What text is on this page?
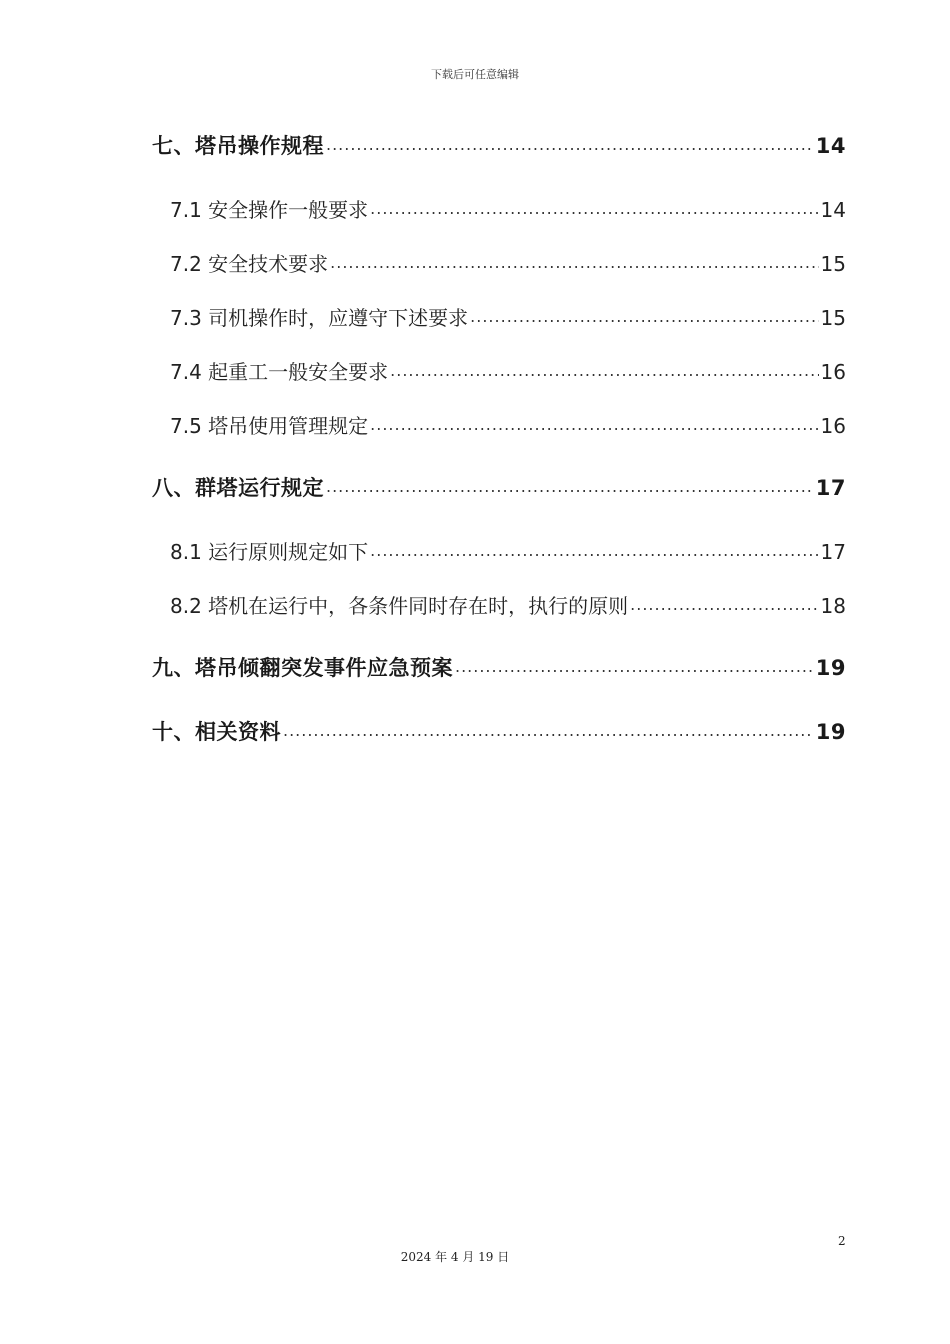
下载后可任意编辑
七、塔吊操作规程 .....	14
7.1 安全操作一般要求 .....	14
7.2 安全技术要求 .....	15
7.3 司机操作时，应遵守下述要求 .....	15
7.4 起重工一般安全要求 .....	16
7.5 塔吊使用管理规定 .....	16
八、群塔运行规定 .....	17
8.1 运行原则规定如下 .....	17
8.2 塔机在运行中，各条件同时存在时，执行的原则 .....	18
九、塔吊倾翻突发事件应急预案 .....	19
十、相关资料 .....	19
2
2024 年 4 月 19 日
